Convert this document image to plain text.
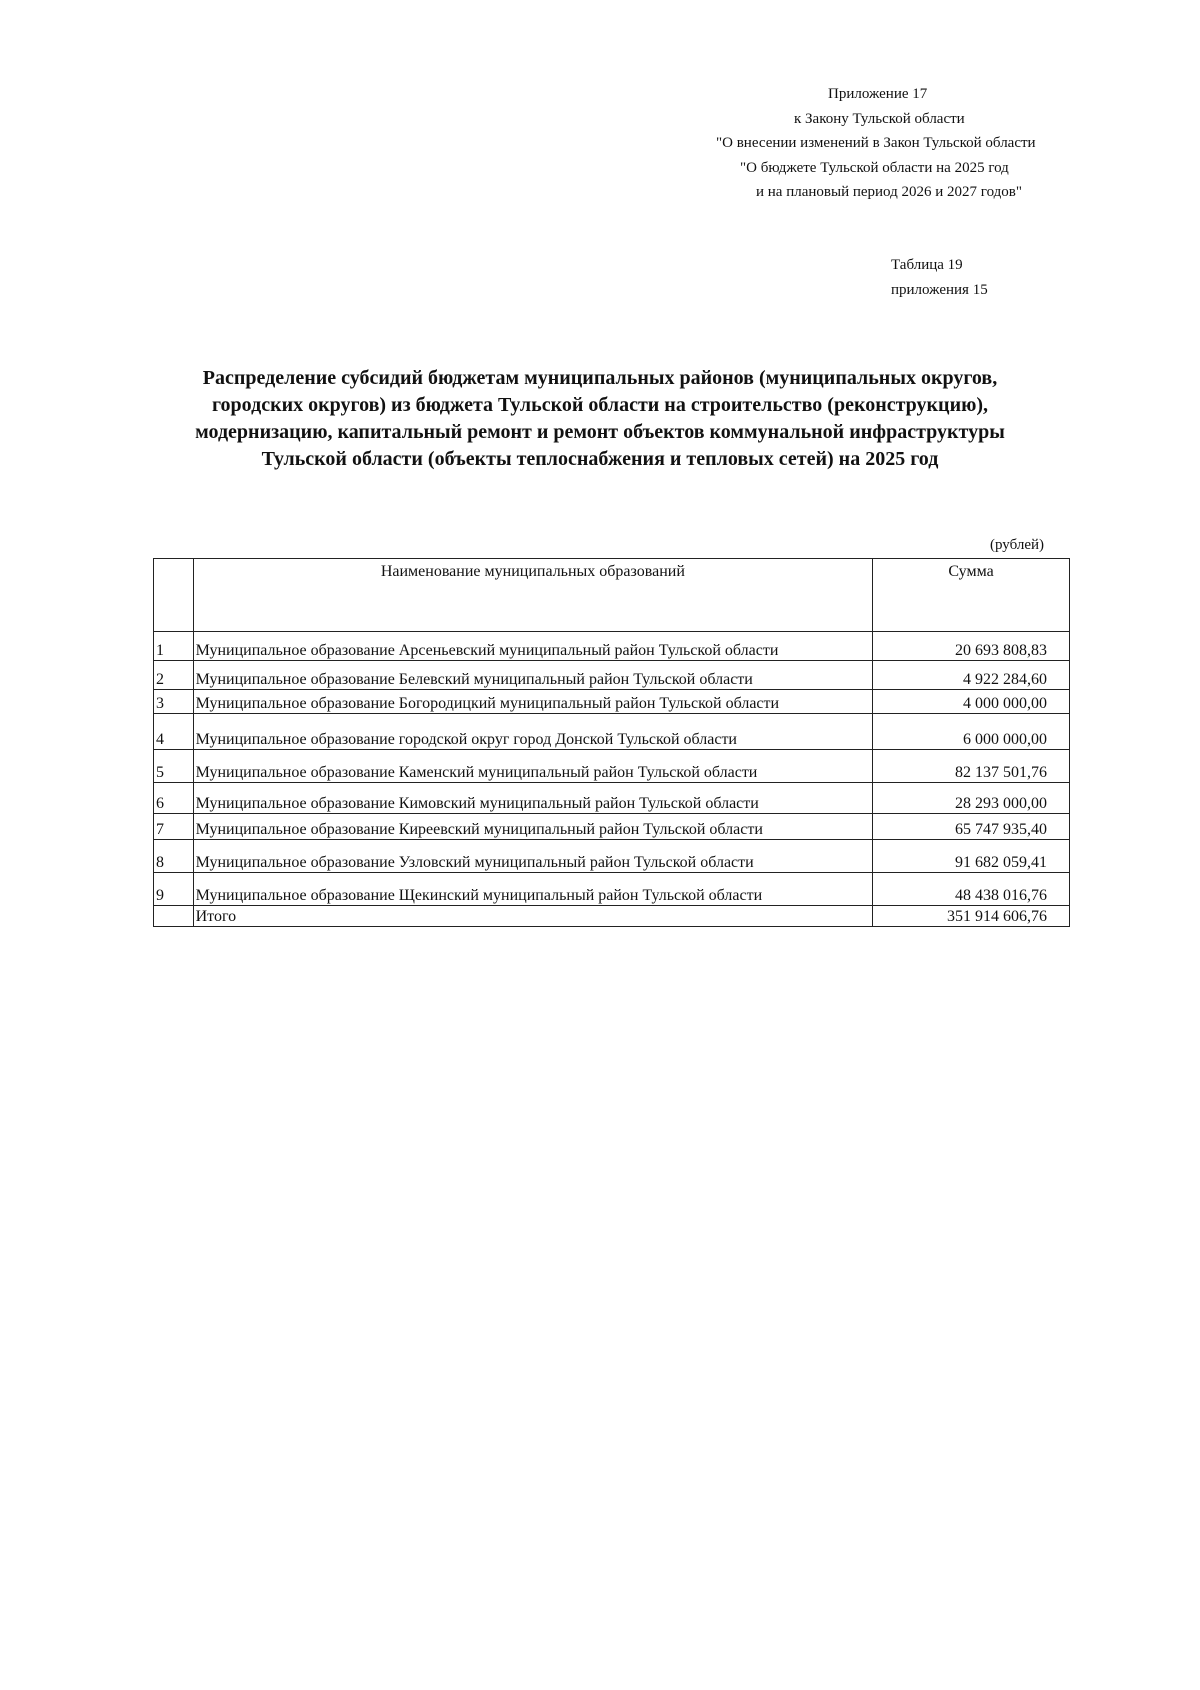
Приложение 17
к Закону Тульской области
"О внесении изменений в Закон Тульской области
"О бюджете Тульской области на 2025 год
и на плановый период 2026 и 2027 годов"
Таблица 19
приложения 15
Распределение субсидий бюджетам муниципальных районов (муниципальных округов,
городских округов) из бюджета Тульской области на строительство (реконструкцию),
модернизацию, капитальный ремонт и ремонт объектов коммунальной инфраструктуры
Тульской области (объекты теплоснабжения и тепловых сетей) на 2025 год
(рублей)
	Наименование муниципальных образований	Сумма
1	Муниципальное образование Арсеньевский муниципальный район Тульской области	20 693 808,83
2	Муниципальное образование Белевский муниципальный район Тульской области	4 922 284,60
3	Муниципальное образование Богородицкий муниципальный район Тульской области	4 000 000,00
4	Муниципальное образование городской округ город Донской Тульской области	6 000 000,00
5	Муниципальное образование Каменский муниципальный район Тульской области	82 137 501,76
6	Муниципальное образование Кимовский муниципальный район Тульской области	28 293 000,00
7	Муниципальное образование Киреевский муниципальный район Тульской области	65 747 935,40
8	Муниципальное образование Узловский муниципальный район Тульской области	91 682 059,41
9	Муниципальное образование Щекинский муниципальный район Тульской области	48 438 016,76
	Итого	351 914 606,76
